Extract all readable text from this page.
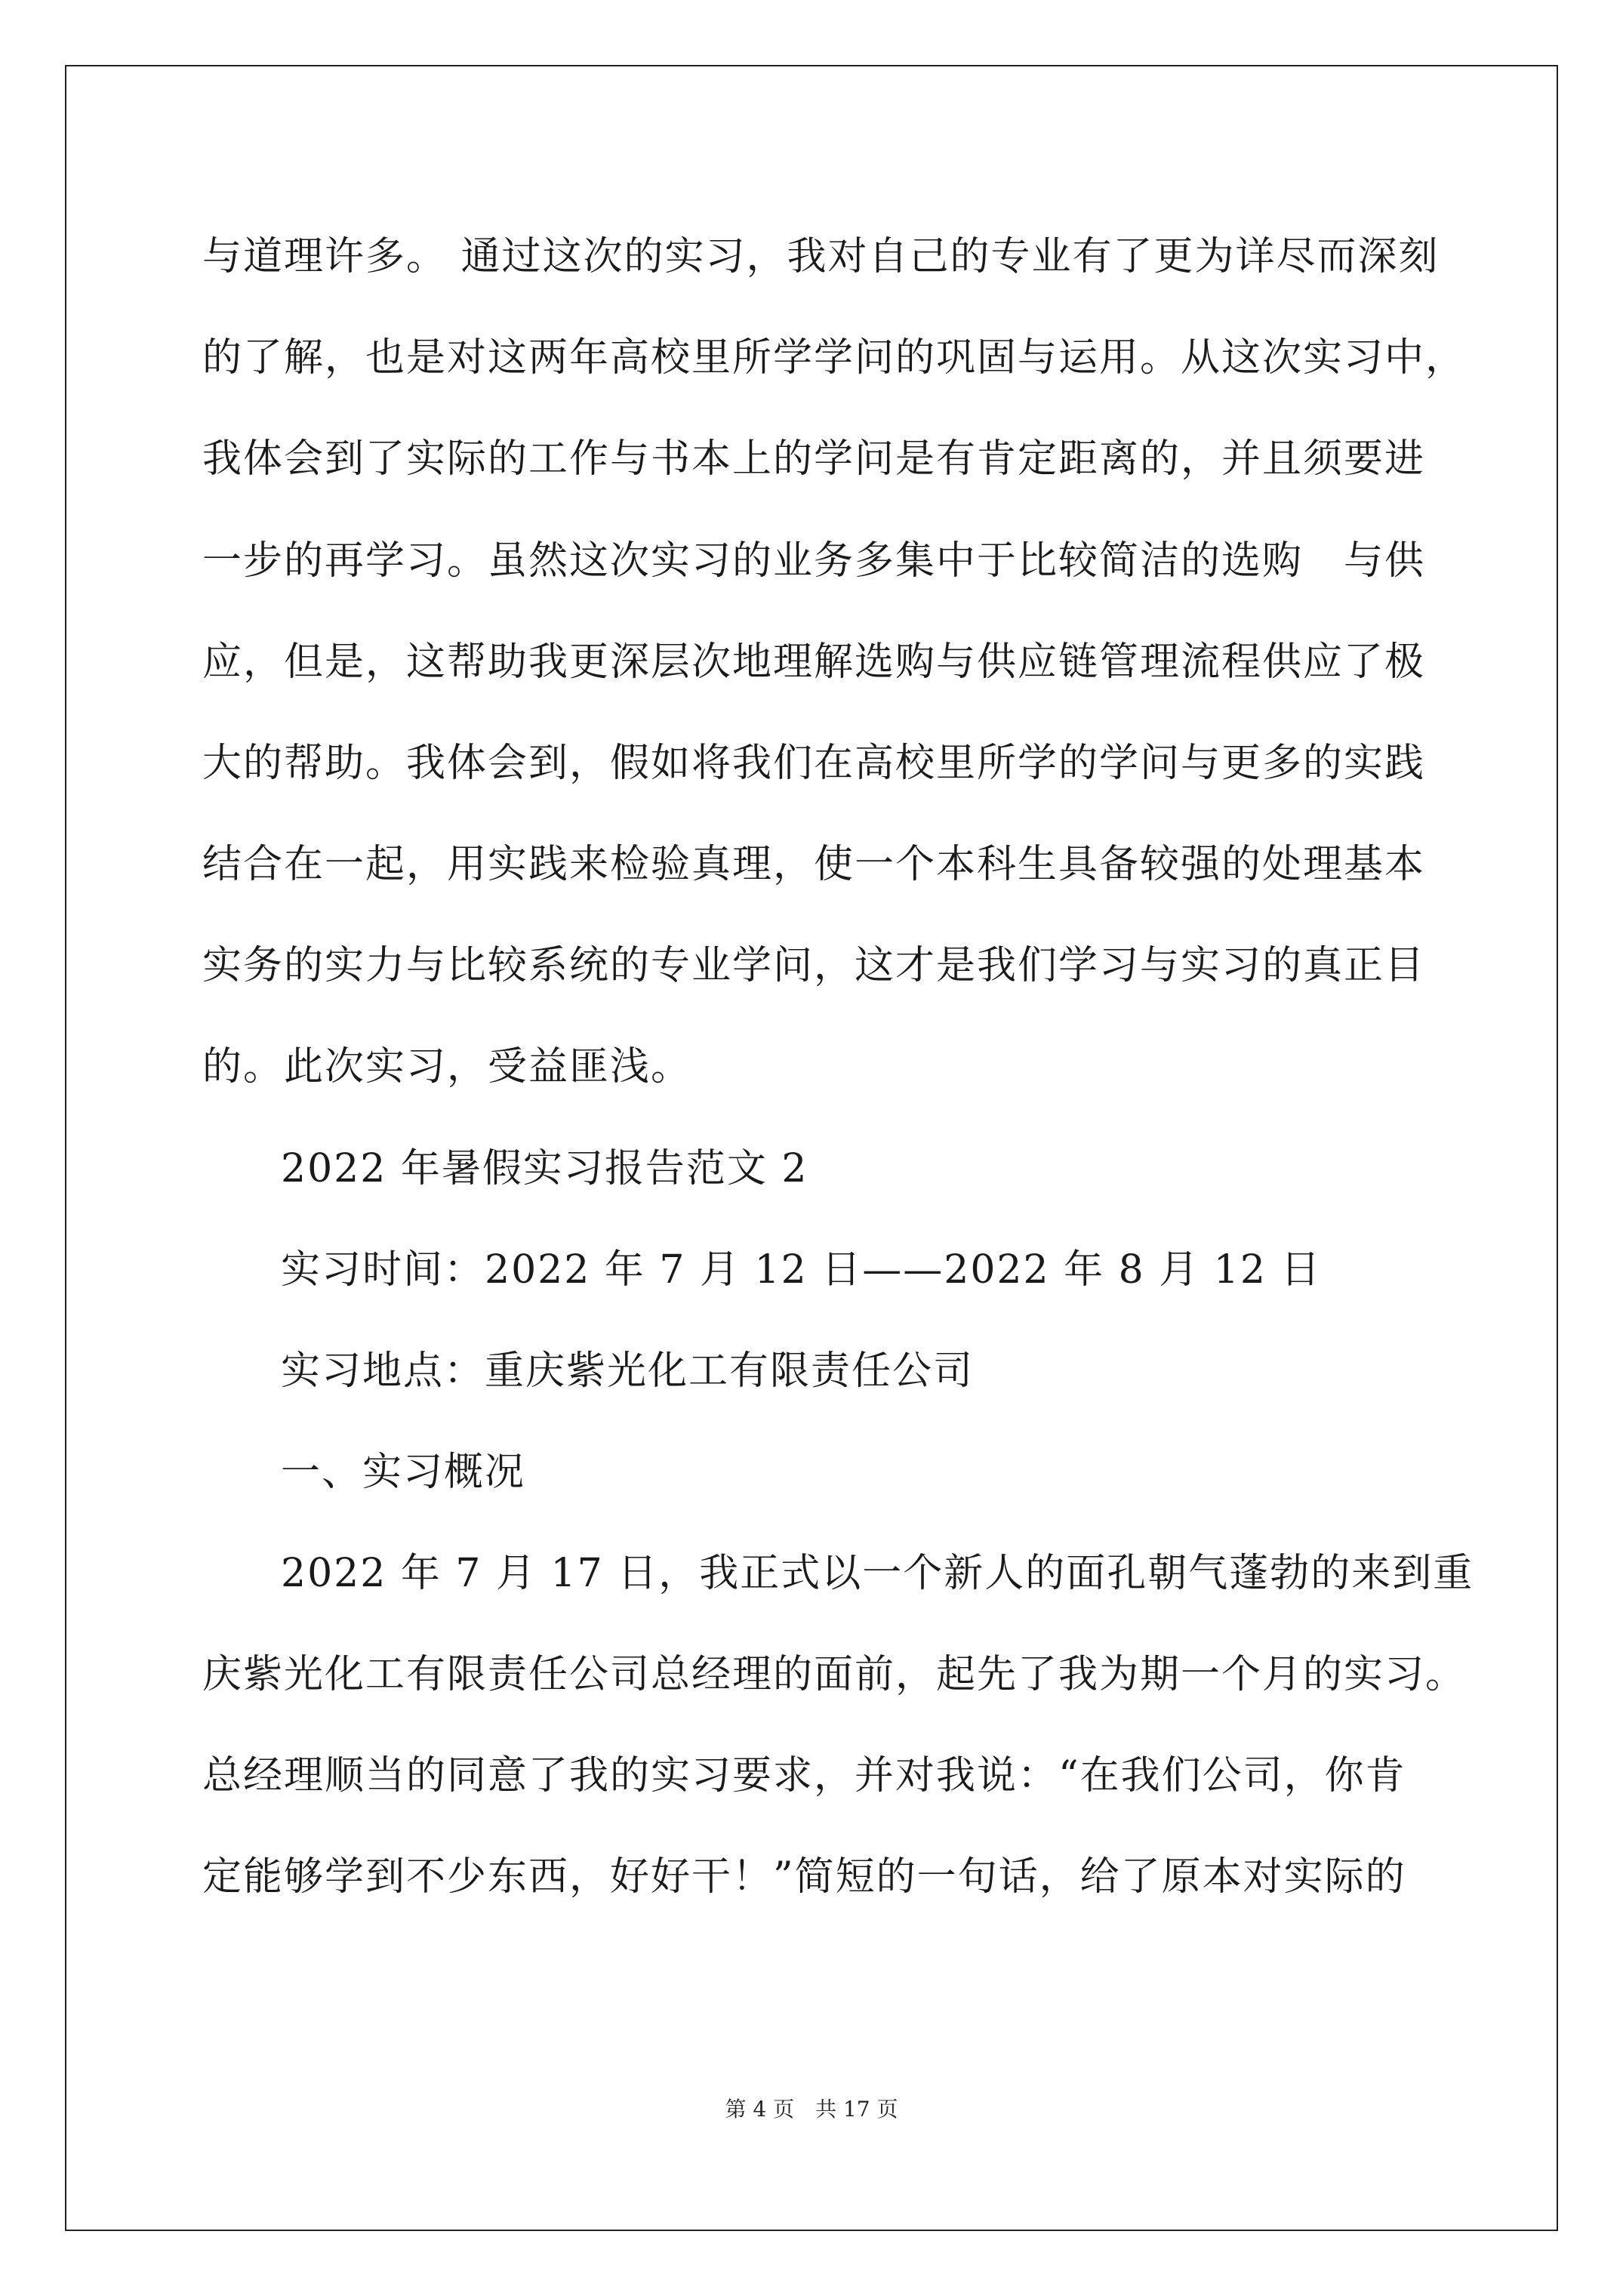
与道理许多。 通过这次的实习，我对自己的专业有了更为详尽而深刻
的了解，也是对这两年高校里所学学问的巩固与运用。从这次实习中，
我体会到了实际的工作与书本上的学问是有肯定距离的，并且须要进
一步的再学习。虽然这次实习的业务多集中于比较简洁的选购　与供
应，但是，这帮助我更深层次地理解选购与供应链管理流程供应了极
大的帮助。我体会到，假如将我们在高校里所学的学问与更多的实践
结合在一起，用实践来检验真理，使一个本科生具备较强的处理基本
实务的实力与比较系统的专业学问，这才是我们学习与实习的真正目
的。此次实习，受益匪浅。
2022 年暑假实习报告范文 2
实习时间：2022 年 7 月 12 日——2022 年 8 月 12 日
实习地点：重庆紫光化工有限责任公司
一、实习概况
2022 年 7 月 17 日，我正式以一个新人的面孔朝气蓬勃的来到重
庆紫光化工有限责任公司总经理的面前，起先了我为期一个月的实习。
总经理顺当的同意了我的实习要求，并对我说：“在我们公司，你肯
定能够学到不少东西，好好干！”简短的一句话，给了原本对实际的
第 4 页　共 17 页
